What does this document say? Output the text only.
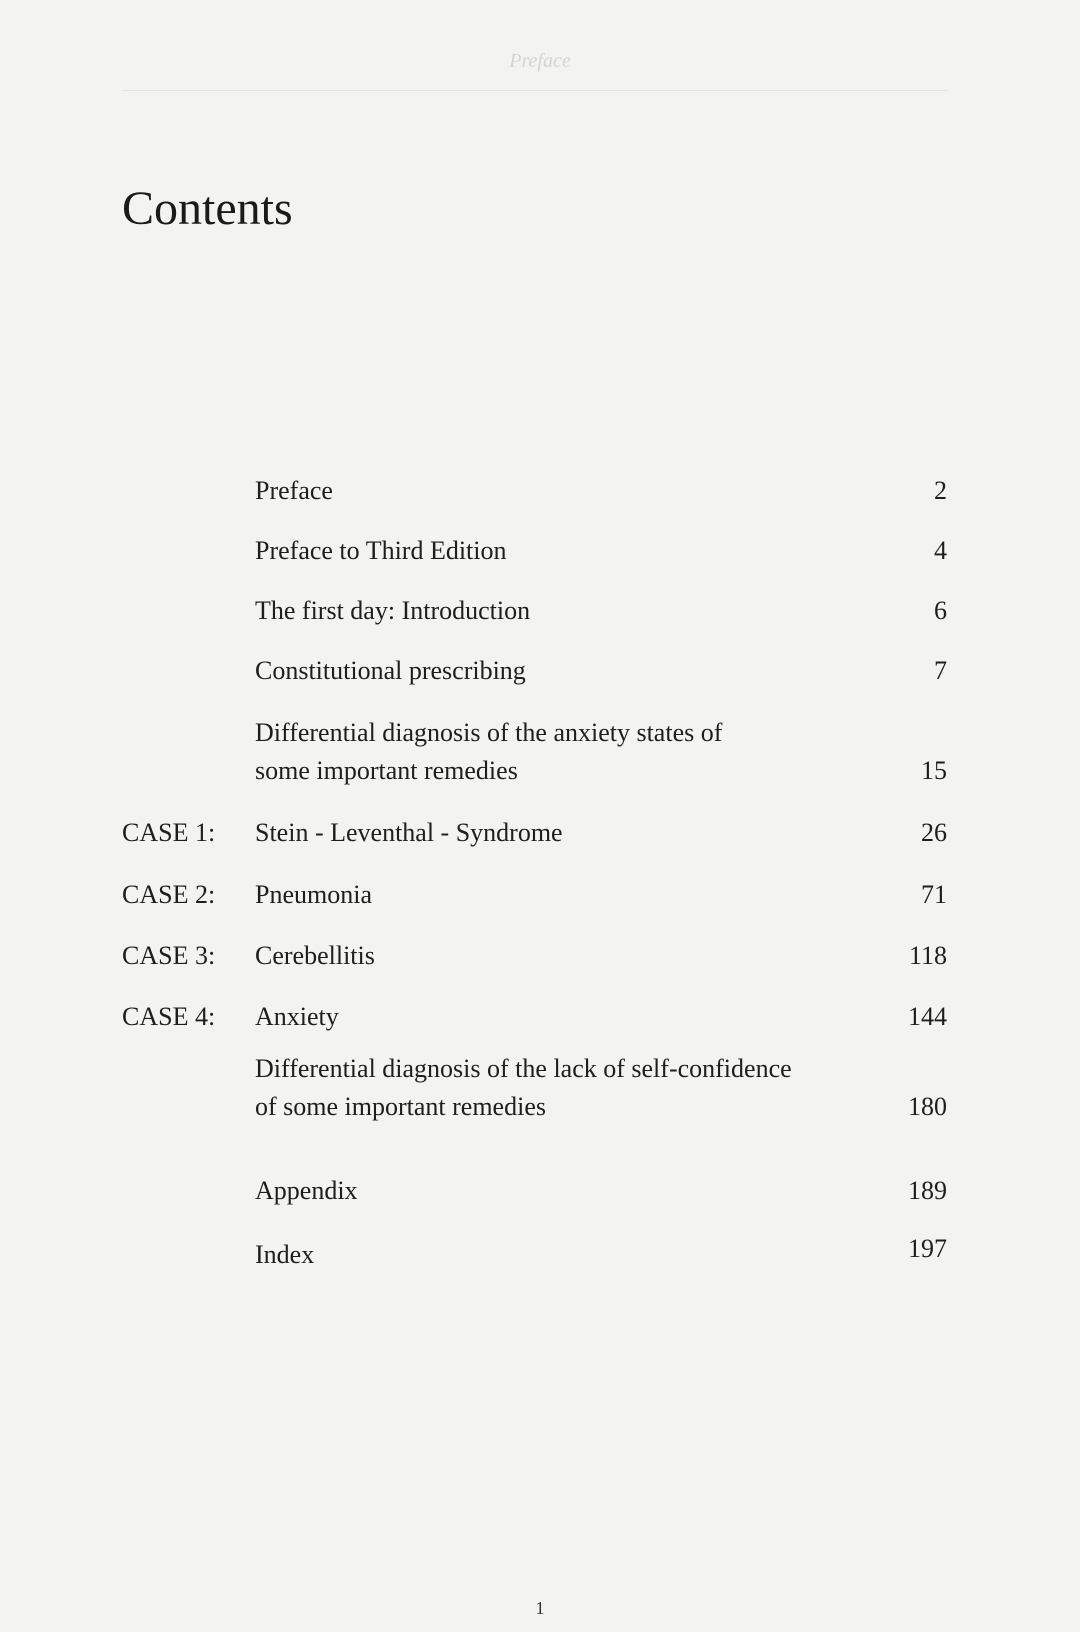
Preface
Contents
Preface	2
Preface to Third Edition	4
The first day: Introduction	6
Constitutional prescribing	7
Differential diagnosis of the anxiety states of some important remedies	15
CASE 1: Stein - Leventhal - Syndrome	26
CASE 2: Pneumonia	71
CASE 3: Cerebellitis	118
CASE 4: Anxiety	144
Differential diagnosis of the lack of self-confidence of some important remedies	180
Appendix	189
Index	197
1
